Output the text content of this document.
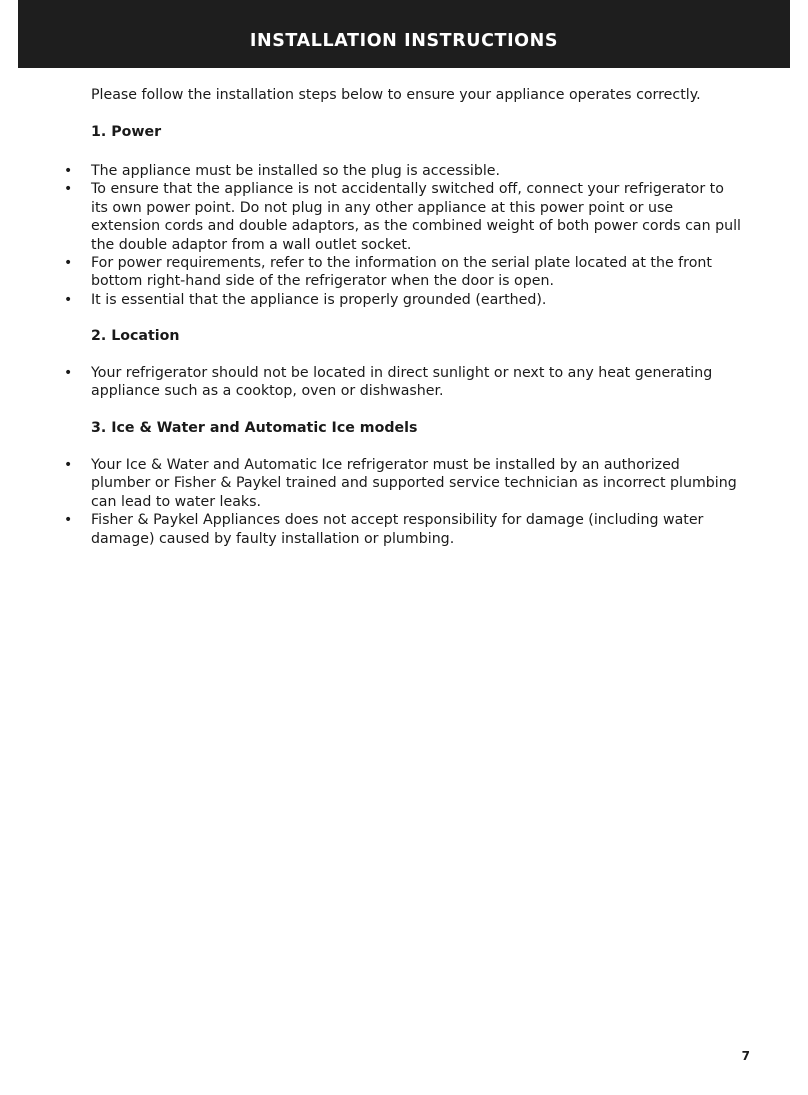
INSTALLATION INSTRUCTIONS

Please follow the installation steps below to ensure your appliance operates correctly.

1. Power

• The appliance must be installed so the plug is accessible.
• To ensure that the appliance is not accidentally switched off, connect your refrigerator to its own power point. Do not plug in any other appliance at this power point or use extension cords and double adaptors, as the combined weight of both power cords can pull the double adaptor from a wall outlet socket.
• For power requirements, refer to the information on the serial plate located at the front bottom right-hand side of the refrigerator when the door is open.
• It is essential that the appliance is properly grounded (earthed).

2. Location

• Your refrigerator should not be located in direct sunlight or next to any heat generating appliance such as a cooktop, oven or dishwasher.

3. Ice & Water and Automatic Ice models

• Your Ice & Water and Automatic Ice refrigerator must be installed by an authorized plumber or Fisher & Paykel trained and supported service technician as incorrect plumbing can lead to water leaks.
• Fisher & Paykel Appliances does not accept responsibility for damage (including water damage) caused by faulty installation or plumbing.
7
